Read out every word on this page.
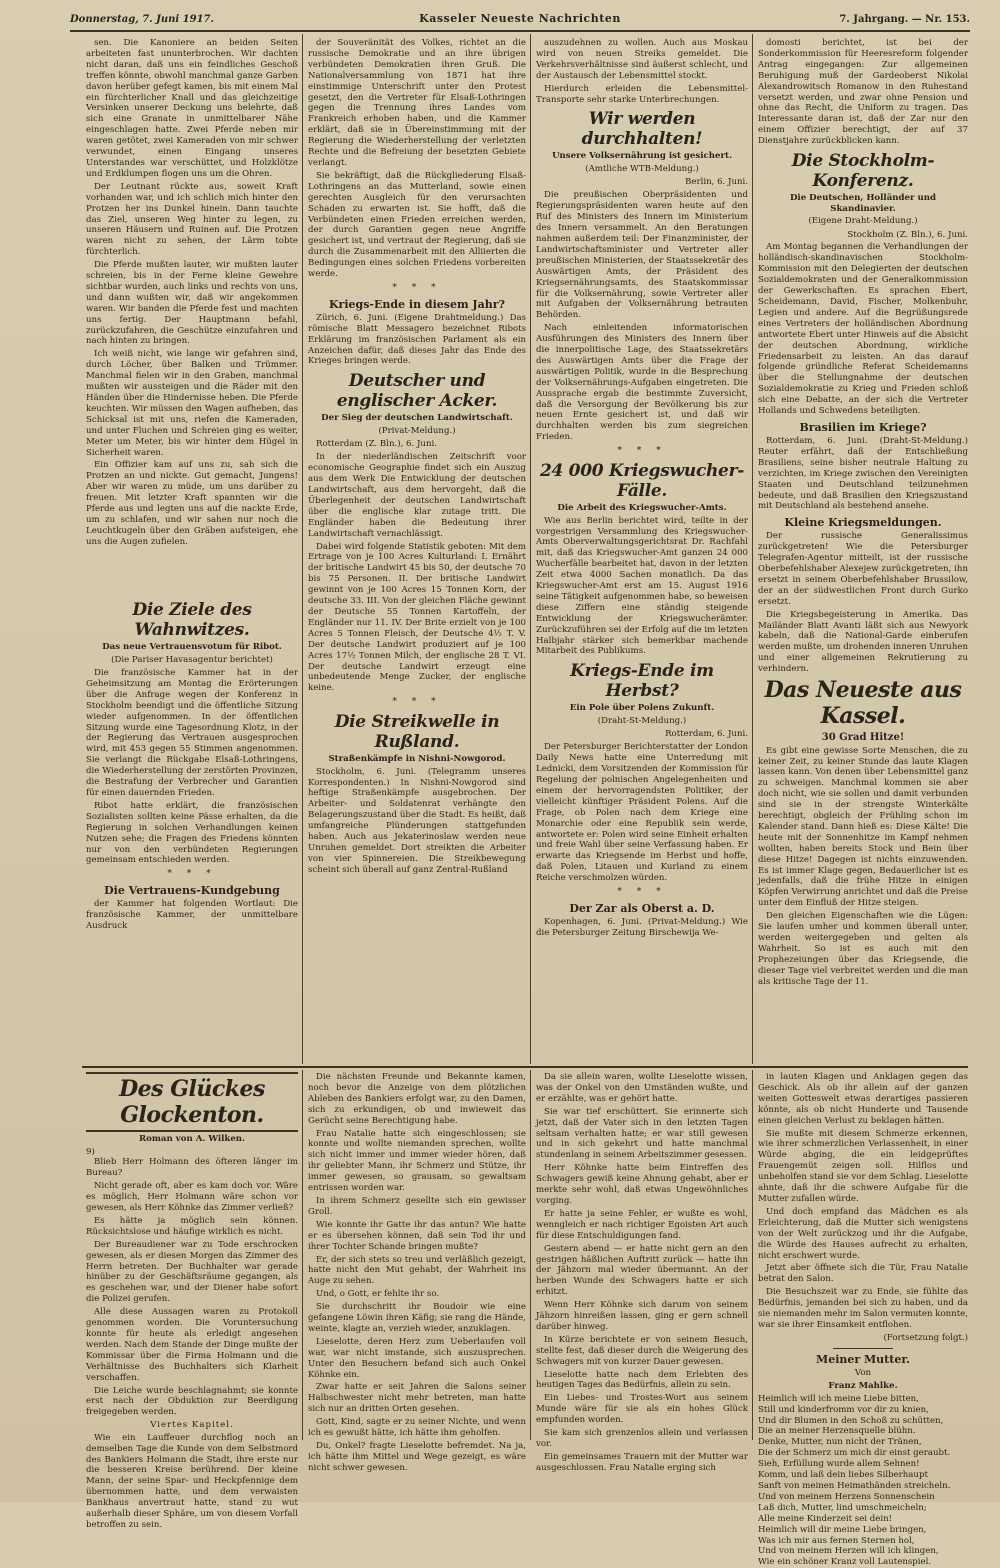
Donnerstag, 7. Juni 1917.	Kasseler Neueste Nachrichten	7. Jahrgang. — Nr. 153.

sen. Die Kanoniere an beiden Seiten arbeiteten fast ununterbrochen. Wir dachten nicht daran, daß uns ein feindliches Geschoß treffen könnte, obwohl manchmal ganze Garben davon herüber gefegt kamen, bis mit einem Mal ein fürchterlicher Knall und das gleichzeitige Versinken unserer Deckung uns belehrte, daß sich eine Granate in unmittelbarer Nähe eingeschlagen hatte. Zwei Pferde neben mir waren getötet, zwei Kameraden von mir schwer verwundet, einen Eingang unseres Unterstandes war verschüttet, und Holzklötze und Erdklumpen flogen uns um die Ohren.

Der Leutnant rückte aus, soweit Kraft vorhanden war, und ich schlich mich hinter den Protzen her ins Dunkel hinein. Dann tauchte das Ziel, unseren Weg hinter zu legen, zu unseren Häusern und Ruinen auf. Die Protzen waren nicht zu sehen, der Lärm tobte fürchterlich.

Die Pferde mußten lauter, wir mußten lauter schreien, bis in der Ferne kleine Gewehre sichtbar wurden, auch links und rechts von uns, und dann wußten wir, daß wir angekommen waren. Wir banden die Pferde fest und machten uns fertig. Der Hauptmann befahl, zurückzufahren, die Geschütze einzufahren und nach hinten zu bringen.

Ich weiß nicht, wie lange wir gefahren sind, durch Löcher, über Balken und Trümmer. Manchmal fielen wir in den Graben, manchmal mußten wir aussteigen und die Räder mit den Händen über die Hindernisse heben. Die Pferde keuchten. Wir müssen den Wagen aufheben, das Schicksal ist mit uns, riefen die Kameraden, und unter Fluchen und Schreien ging es weiter, Meter um Meter, bis wir hinter dem Hügel in Sicherheit waren.

Ein Offizier kam auf uns zu, sah sich die Protzen an und nickte. Gut gemacht, Jungens! Aber wir waren zu müde, um uns darüber zu freuen. Mit letzter Kraft spannten wir die Pferde aus und legten uns auf die nackte Erde, um zu schlafen, und wir sahen nur noch die Leuchtkugeln über den Gräben aufsteigen, ehe uns die Augen zufielen.

Die Ziele des Wahnwitzes.
Das neue Vertrauensvotum für Ribot.
(Die Pariser Havasagentur berichtet)

Die französische Kammer hat in der Geheimsitzung am Montag die Erörterungen über die Anfrage wegen der Konferenz in Stockholm beendigt und die öffentliche Sitzung wieder aufgenommen. In der öffentlichen Sitzung wurde eine Tagesordnung Klotz, in der der Regierung das Vertrauen ausgesprochen wird, mit 453 gegen 55 Stimmen angenommen. Sie verlangt die Rückgabe Elsaß-Lothringens, die Wiederherstellung der zerstörten Provinzen, die Bestrafung der Verbrecher und Garantien für einen dauernden Frieden.

Ribot hatte erklärt, die französischen Sozialisten sollten keine Pässe erhalten, da die Regierung in solchen Verhandlungen keinen Nutzen sehe; die Fragen des Friedens könnten nur von den verbündeten Regierungen gemeinsam entschieden werden.

* * *
Die Vertrauens-Kundgebung

der Kammer hat folgenden Wortlaut: Die französische Kammer, der unmittelbare Ausdruck

der Souveränität des Volkes, richtet an die russische Demokratie und an ihre übrigen verbündeten Demokratien ihren Gruß. Die Nationalversammlung von 1871 hat ihre einstimmige Unterschrift unter den Protest gesetzt, den die Vertreter für Elsaß-Lothringen gegen die Trennung ihres Landes vom Frankreich erhoben haben, und die Kammer erklärt, daß sie in Übereinstimmung mit der Regierung die Wiederherstellung der verletzten Rechte und die Befreiung der besetzten Gebiete verlangt.

Sie bekräftigt, daß die Rückgliederung Elsaß-Lothringens an das Mutterland, sowie einen gerechten Ausgleich für den verursachten Schaden zu erwarten ist. Sie hofft, daß die Verbündeten einen Frieden erreichen werden, der durch Garantien gegen neue Angriffe gesichert ist, und vertraut der Regierung, daß sie durch die Zusammenarbeit mit den Alliierten die Bedingungen eines solchen Friedens vorbereiten werde.

* * *
Kriegs-Ende in diesem Jahr?

Zürich, 6. Juni. (Eigene Drahtmeldung.) Das römische Blatt Messagero bezeichnet Ribots Erklärung im französischen Parlament als ein Anzeichen dafür, daß dieses Jahr das Ende des Krieges bringen werde.

Deutscher und englischer Acker.
Der Sieg der deutschen Landwirtschaft.
(Privat-Meldung.)

Rotterdam (Z. Bln.), 6. Juni.

In der niederländischen Zeitschrift voor economische Geographie findet sich ein Auszug aus dem Werk Die Entwicklung der deutschen Landwirtschaft, aus dem hervorgeht, daß die Überlegenheit der deutschen Landwirtschaft über die englische klar zutage tritt. Die Engländer haben die Bedeutung ihrer Landwirtschaft vernachlässigt.

Dabei wird folgende Statistik geboten: Mit dem Ertrage von je 100 Acres Kulturland: I. Ernährt der britische Landwirt 45 bis 50, der deutsche 70 bis 75 Personen. II. Der britische Landwirt gewinnt von je 100 Acres 15 Tonnen Korn, der deutsche 33. III. Von der gleichen Fläche gewinnt der Deutsche 55 Tonnen Kartoffeln, der Engländer nur 11. IV. Der Brite erzielt von je 100 Acres 5 Tonnen Fleisch, der Deutsche 4½ T. V. Der deutsche Landwirt produziert auf je 100 Acres 17½ Tonnen Milch, der englische 28 T. VI. Der deutsche Landwirt erzeugt eine unbedeutende Menge Zucker, der englische keine.

* * *
Die Streikwelle in Rußland.
Straßenkämpfe in Nishni-Nowgorod.

Stockholm, 6. Juni. (Telegramm unseres Korrespondenten.) In Nishni-Nowgorod sind heftige Straßenkämpfe ausgebrochen. Der Arbeiter- und Soldatenrat verhängte den Belagerungszustand über die Stadt. Es heißt, daß umfangreiche Plünderungen stattgefunden haben. Auch aus Jekaterinoslaw werden neue Unruhen gemeldet. Dort streikten die Arbeiter von vier Spinnereien. Die Streikbewegung scheint sich überall auf ganz Zentral-Rußland

auszudehnen zu wollen. Auch aus Moskau wird von neuen Streiks gemeldet. Die Verkehrsverhältnisse sind äußerst schlecht, und der Austausch der Lebensmittel stockt.

Hierdurch erleiden die Lebensmittel-Transporte sehr starke Unterbrechungen.

Wir werden durchhalten!
Unsere Volksernährung ist gesichert.
(Amtliche WTB-Meldung.)

Berlin, 6. Juni.

Die preußischen Oberpräsidenten und Regierungspräsidenten waren heute auf den Ruf des Ministers des Innern im Ministerium des Innern versammelt. An den Beratungen nahmen außerdem teil: Der Finanzminister, der Landwirtschaftsminister und Vertreter aller preußischen Ministerien, der Staatssekretär des Auswärtigen Amts, der Präsident des Kriegsernährungsamts, des Staatskommissar für die Volksernährung, sowie Vertreter aller mit Aufgaben der Volksernährung betrauten Behörden.

Nach einleitenden informatorischen Ausführungen des Ministers des Innern über die innerpolitische Lage, des Staatssekretärs des Auswärtigen Amts über die Frage der auswärtigen Politik, wurde in die Besprechung der Volksernährungs-Aufgaben eingetreten. Die Aussprache ergab die bestimmte Zuversicht, daß die Versorgung der Bevölkerung bis zur neuen Ernte gesichert ist, und daß wir durchhalten werden bis zum siegreichen Frieden.

* * *
24 000 Kriegswucher-Fälle.
Die Arbeit des Kriegswucher-Amts.

Wie aus Berlin berichtet wird, teilte in der vorgestrigen Versammlung des Kriegswucher-Amts Oberverwaltungsgerichtsrat Dr. Rachfahl mit, daß das Kriegswucher-Amt ganzen 24 000 Wucherfälle bearbeitet hat, davon in der letzten Zeit etwa 4000 Sachen monatlich. Da das Kriegswucher-Amt erst am 15. August 1916 seine Tätigkeit aufgenommen habe, so beweisen diese Ziffern eine ständig steigende Entwicklung der Kriegswucherämter. Zurückzuführen sei der Erfolg auf die im letzten Halbjahr stärker sich bemerkbar machende Mitarbeit des Publikums.

Kriegs-Ende im Herbst?
Ein Pole über Polens Zukunft.
(Draht-St-Meldung.)

Rotterdam, 6. Juni.

Der Petersburger Berichterstatter der London Daily News hatte eine Unterredung mit Lednicki, dem Vorsitzenden der Kommission für Regelung der polnischen Angelegenheiten und einem der hervorragendsten Politiker, der vielleicht künftiger Präsident Polens. Auf die Frage, ob Polen nach dem Kriege eine Monarchie oder eine Republik sein werde, antwortete er: Polen wird seine Einheit erhalten und freie Wahl über seine Verfassung haben. Er erwarte das Kriegsende im Herbst und hoffe, daß Polen, Litauen und Kurland zu einem Reiche verschmolzen würden.

* * *
Der Zar als Oberst a. D.

Kopenhagen, 6. Juni. (Privat-Meldung.) Wie die Petersburger Zeitung Birschewija We-

domosti berichtet, ist bei der Sonderkommission für Heeresreform folgender Antrag eingegangen: Zur allgemeinen Beruhigung muß der Gardeoberst Nikolai Alexandrowitsch Romanow in den Ruhestand versetzt werden, und zwar ohne Pension und ohne das Recht, die Uniform zu tragen. Das Interessante daran ist, daß der Zar nur den einem Offizier berechtigt, der auf 37 Dienstjahre zurückblicken kann.

Die Stockholm-Konferenz.
Die Deutschen, Holländer und Skandinavier.
(Eigene Draht-Meldung.)

Stockholm (Z. Bln.), 6. Juni.

Am Montag begannen die Verhandlungen der holländisch-skandinavischen Stockholm-Kommission mit den Delegierten der deutschen Sozialdemokraten und der Generalkommission der Gewerkschaften. Es sprachen Ebert, Scheidemann, David, Fischer, Molkenbuhr, Legien und andere. Auf die Begrüßungsrede eines Vertreters der holländischen Abordnung antwortete Ebert unter Hinweis auf die Absicht der deutschen Abordnung, wirkliche Friedensarbeit zu leisten. An das darauf folgende gründliche Referat Scheidemanns über die Stellungnahme der deutschen Sozialdemokratie zu Krieg und Frieden schloß sich eine Debatte, an der sich die Vertreter Hollands und Schwedens beteiligten.

Brasilien im Kriege?

Rotterdam, 6. Juni. (Draht-St-Meldung.) Reuter erfährt, daß der Entschließung Brasiliens, seine bisher neutrale Haltung zu verzichten, im Kriege zwischen den Vereinigten Staaten und Deutschland teilzunehmen bedeute, und daß Brasilien den Kriegszustand mit Deutschland als bestehend ansehe.

Kleine Kriegsmeldungen.

Der russische Generalissimus zurückgetreten! Wie die Petersburger Telegrafen-Agentur mitteilt, ist der russische Oberbefehlshaber Alexejew zurückgetreten, ihn ersetzt in seinem Oberbefehlshaber Brussilow, der an der südwestlichen Front durch Gurko ersetzt.

Die Kriegsbegeisterung in Amerika. Das Mailänder Blatt Avanti läßt sich aus Newyork kabeln, daß die National-Garde einberufen werden mußte, um drohenden inneren Unruhen und einer allgemeinen Rekrutierung zu verhindern.

Das Neueste aus Kassel.
30 Grad Hitze!

Es gibt eine gewisse Sorte Menschen, die zu keiner Zeit, zu keiner Stunde das laute Klagen lassen kann. Von denen über Lebensmittel ganz zu schweigen. Manchmal kommen sie aber doch nicht, wie sie sollen und damit verbunden sind sie in der strengste Winterkälte berechtigt, obgleich der Frühling schon im Kalender stand. Dann hieß es: Diese Kälte! Die heute mit der Sonnenhitze im Kampf nehmen wollten, haben bereits Stock und Bein über diese Hitze! Dagegen ist nichts einzuwenden. Es ist immer Klage gegen, Bedauerlicher ist es jedenfalls, daß die frühe Hitze in einigen Köpfen Verwirrung anrichtet und daß die Preise unter dem Einfluß der Hitze steigen.

Den gleichen Eigenschaften wie die Lügen: Sie laufen umher und kommen überall unter, werden weitergegeben und gelten als Wahrheit. So ist es auch mit den Prophezeiungen über das Kriegsende, die dieser Tage viel verbreitet werden und die man als kritische Tage der 11.

Des Glückes Glockenton.
Roman von A. Wilken.
9)

Blieb Herr Holmann des öfteren länger im Bureau?

Nicht gerade oft, aber es kam doch vor. Wäre es möglich, Herr Holmann wäre schon vor gewesen, als Herr Köhnke das Zimmer verließ?

Es hätte ja möglich sein können. Rücksichtslose und häufige wirklich es nicht.

Der Bureaudiener war zu Tode erschrocken gewesen, als er diesen Morgen das Zimmer des Herrn betreten. Der Buchhalter war gerade hinüber zu der Geschäftsräume gegangen, als es geschehen war, und der Diener habe sofort die Polizei gerufen.

Alle diese Aussagen waren zu Protokoll genommen worden. Die Voruntersuchung konnte für heute als erledigt angesehen werden. Nach dem Stande der Dinge mußte der Kommissar über die Firma Holmann und die Verhältnisse des Buchhalters sich Klarheit verschaffen.

Die Leiche wurde beschlagnahmt; sie konnte erst nach der Obduktion zur Beerdigung freigegeben werden.

Viertes Kapitel.

Wie ein Lauffeuer durchflog noch an demselben Tage die Kunde von dem Selbstmord des Bankiers Holmann die Stadt, ihre erste nur die besseren Kreise berührend. Der kleine Mann, der seine Spar- und Heckpfennige dem übernommen hatte, und dem verwaisten Bankhaus anvertraut hatte, stand zu wut außerhalb dieser Sphäre, um von diesem Vorfall betroffen zu sein.

Die nächsten Freunde und Bekannte kamen, noch bevor die Anzeige von dem plötzlichen Ableben des Bankiers erfolgt war, zu den Damen, sich zu erkundigen, ob und inwieweit das Gerücht seine Berechtigung habe.

Frau Natalie hatte sich eingeschlossen; sie konnte und wollte niemanden sprechen, wollte sich nicht immer und immer wieder hören, daß ihr geliebter Mann, ihr Schmerz und Stütze, ihr immer gewesen, so grausam, so gewaltsam entrissen worden war.

In ihrem Schmerz gesellte sich ein gewisser Groll.

Wie konnte ihr Gatte ihr das antun? Wie hatte er es übersehen können, daß sein Tod ihr und ihrer Tochter Schande bringen mußte?

Er, der sich stets so treu und verläßlich gezeigt, hatte nicht den Mut gehabt, der Wahrheit ins Auge zu sehen.

Und, o Gott, er fehlte ihr so.

Sie durchschritt ihr Boudoir wie eine gefangene Löwin ihren Käfig; sie rang die Hände, weinte, klagte an, verzieh wieder, anzuklagen.

Lieselotte, deren Herz zum Ueberlaufen voll war, war nicht imstande, sich auszusprechen. Unter den Besuchern befand sich auch Onkel Köhnke ein.

Zwar hatte er seit Jahren die Salons seiner Halbschwester nicht mehr betreten, man hatte sich nur an dritten Orten gesehen.

Gott, Kind, sagte er zu seiner Nichte, und wenn ich es gewußt hätte, ich hätte ihm geholfen.

Du, Onkel? fragte Lieselotte befremdet. Na ja, ich hätte ihm Mittel und Wege gezeigt, es wäre nicht schwer gewesen.

Da sie allein waren, wollte Lieselotte wissen, was der Onkel von den Umständen wußte, und er erzählte, was er gehört hatte.

Sie war tief erschüttert. Sie erinnerte sich jetzt, daß der Vater sich in den letzten Tagen seltsam verhalten hatte; er war still gewesen und in sich gekehrt und hatte manchmal stundenlang in seinem Arbeitszimmer gesessen.

Herr Köhnke hatte beim Eintreffen des Schwagers gewiß keine Ahnung gehabt, aber er merkte sehr wohl, daß etwas Ungewöhnliches vorging.

Er hatte ja seine Fehler, er wußte es wohl, wenngleich er nach richtiger Egoisten Art auch für diese Entschuldigungen fand.

Gestern abend — er hatte nicht gern an den gestrigen häßlichen Auftritt zurück — hatte ihn der Jähzorn mal wieder übermannt. An der herben Wunde des Schwagers hatte er sich erhitzt.

Wenn Herr Köhnke sich darum von seinem Jähzorn hinreißen lassen, ging er gern schnell darüber hinweg.

In Kürze berichtete er von seinem Besuch, stellte fest, daß dieser durch die Weigerung des Schwagers mit von kurzer Dauer gewesen.

Lieselotte hatte nach dem Erlebten des heutigen Tages das Bedürfnis, allein zu sein.

Ein Liebes- und Trostes-Wort aus seinem Munde wäre für sie als ein hohes Glück empfunden worden.

Sie kam sich grenzenlos allein und verlassen vor.

Ein gemeinsames Trauern mit der Mutter war ausgeschlossen. Frau Natalie erging sich

in lauten Klagen und Anklagen gegen das Geschick. Als ob ihr allein auf der ganzen weiten Gotteswelt etwas derartiges passieren könnte, als ob nicht Hunderte und Tausende einen gleichen Verlust zu beklagen hätten.

Sie mußte mit diesem Schmerze erkennen, wie ihrer schmerzlichen Verlassenheit, in einer Würde abging, die ein leidgeprüftes Frauengemüt zeigen soll. Hilflos und unbeholfen stand sie vor dem Schlag. Lieselotte ahnte, daß ihr die schwere Aufgabe für die Mutter zufallen würde.

Und doch empfand das Mädchen es als Erleichterung, daß die Mutter sich wenigstens von der Welt zurückzog und ihr die Aufgabe, die Würde des Hauses aufrecht zu erhalten, nicht erschwert wurde.

Jetzt aber öffnete sich die Tür, Frau Natalie betrat den Salon.

Die Besuchszeit war zu Ende, sie fühlte das Bedürfnis, jemanden bei sich zu haben, und da sie niemanden mehr im Salon vermuten konnte, war sie ihrer Einsamkeit entflohen.

(Fortsetzung folgt.)

Meiner Mutter.
Von
Franz Mahlke.

Heimlich will ich meine Liebe bitten,

Still und kinderfromm vor dir zu knien,

Und dir Blumen in den Schoß zu schütten,

Die an meiner Herzensquelle blühn.

Denke, Mutter, nun nicht der Tränen,

Die der Schmerz um mich dir einst geraubt.

Sieh, Erfüllung wurde allem Sehnen!

Komm, und laß dein liebes Silberhaupt

Sanft von meinen Heimathänden streicheln.

Und von meinem Herzens Sonnenschein

Laß dich, Mutter, lind umschmeicheln;

Alle meine Kinderzeit sei dein!

Heimlich will dir meine Liebe bringen,

Was ich mir aus fernen Sternen hol,

Und von meinem Herzen will ich klingen,

Wie ein schöner Kranz voll Lautenspiel.
